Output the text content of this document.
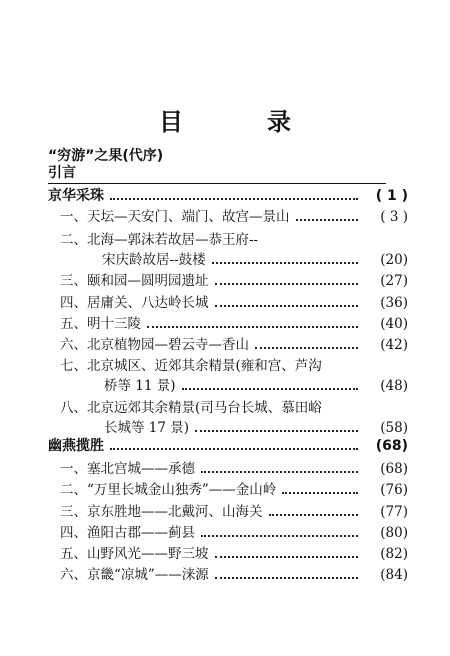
目　录
“穷游”之果(代序)
引言
京华采珠	( 1 )
一、天坛—天安门、端门、故宫—景山	( 3 )
二、北海—郭沫若故居—恭王府--
宋庆龄故居--鼓楼	(20)
三、颐和园—圆明园遗址	(27)
四、居庸关、八达岭长城	(36)
五、明十三陵	(40)
六、北京植物园—碧云寺—香山	(42)
七、北京城区、近郊其余精景(雍和宫、芦沟
桥等 11 景)	(48)
八、北京远郊其余精景(司马台长城、慕田峪
长城等 17 景)	(58)
幽燕揽胜	(68)
一、塞北宫城——承德	(68)
二、“万里长城金山独秀”——金山岭	(76)
三、京东胜地——北戴河、山海关	(77)
四、渔阳古郡——蓟县	(80)
五、山野风光——野三坡	(82)
六、京畿“凉城”——涞源	(84)
